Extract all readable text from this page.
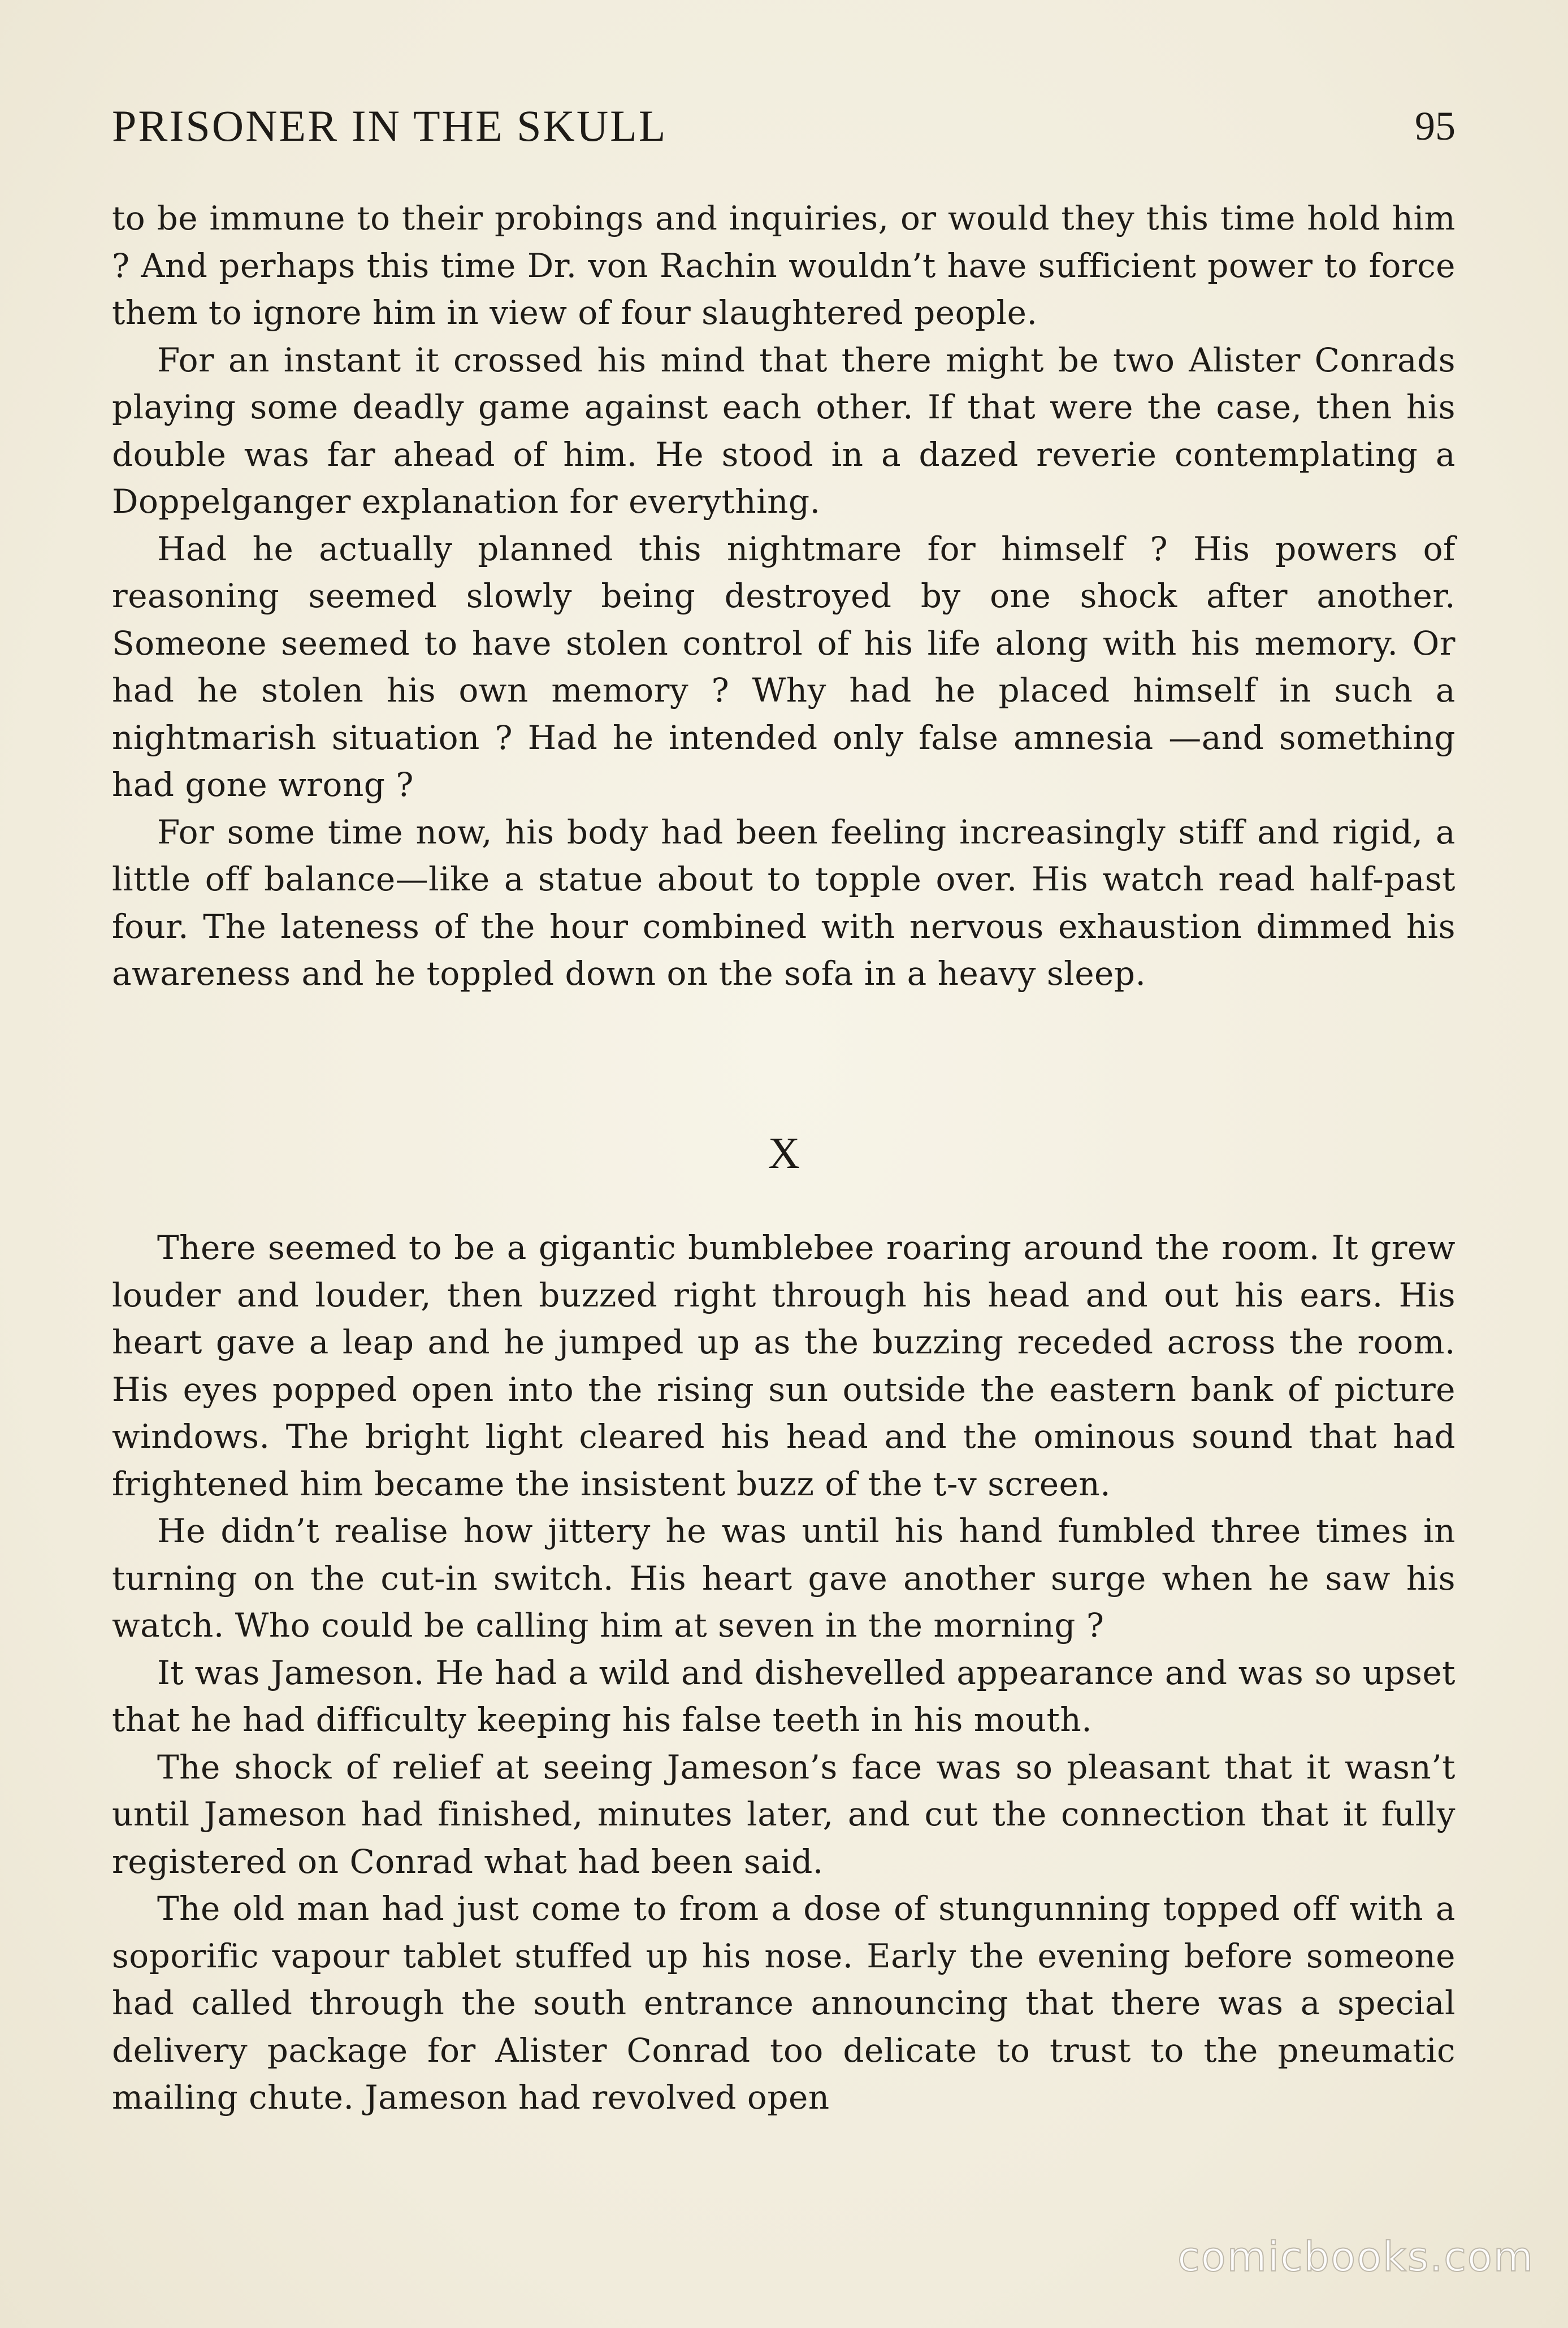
PRISONER IN THE SKULL	95

to be immune to their probings and inquiries, or would they this time hold him ? And perhaps this time Dr. von Rachin wouldn’t have sufficient power to force them to ignore him in view of four slaughtered people.

For an instant it crossed his mind that there might be two Alister Conrads playing some deadly game against each other. If that were the case, then his double was far ahead of him. He stood in a dazed reverie contemplating a Doppelganger explanation for everything.

Had he actually planned this nightmare for himself ? His powers of reasoning seemed slowly being destroyed by one shock after another. Someone seemed to have stolen control of his life along with his memory. Or had he stolen his own memory ? Why had he placed himself in such a nightmarish situation ? Had he intended only false amnesia —and something had gone wrong ?

For some time now, his body had been feeling increasingly stiff and rigid, a little off balance—like a statue about to topple over. His watch read half-past four. The lateness of the hour combined with nervous exhaustion dimmed his awareness and he toppled down on the sofa in a heavy sleep.

X

There seemed to be a gigantic bumblebee roaring around the room. It grew louder and louder, then buzzed right through his head and out his ears. His heart gave a leap and he jumped up as the buzzing receded across the room. His eyes popped open into the rising sun outside the eastern bank of picture windows. The bright light cleared his head and the ominous sound that had frightened him became the insistent buzz of the t-v screen.

He didn’t realise how jittery he was until his hand fumbled three times in turning on the cut-in switch. His heart gave another surge when he saw his watch. Who could be calling him at seven in the morning ?

It was Jameson. He had a wild and dishevelled appearance and was so upset that he had difficulty keeping his false teeth in his mouth.

The shock of relief at seeing Jameson’s face was so pleasant that it wasn’t until Jameson had finished, minutes later, and cut the connection that it fully registered on Conrad what had been said.

The old man had just come to from a dose of stungunning topped off with a soporific vapour tablet stuffed up his nose. Early the evening before someone had called through the south entrance announcing that there was a special delivery package for Alister Conrad too delicate to trust to the pneumatic mailing chute. Jameson had revolved open

comicbooks.com
